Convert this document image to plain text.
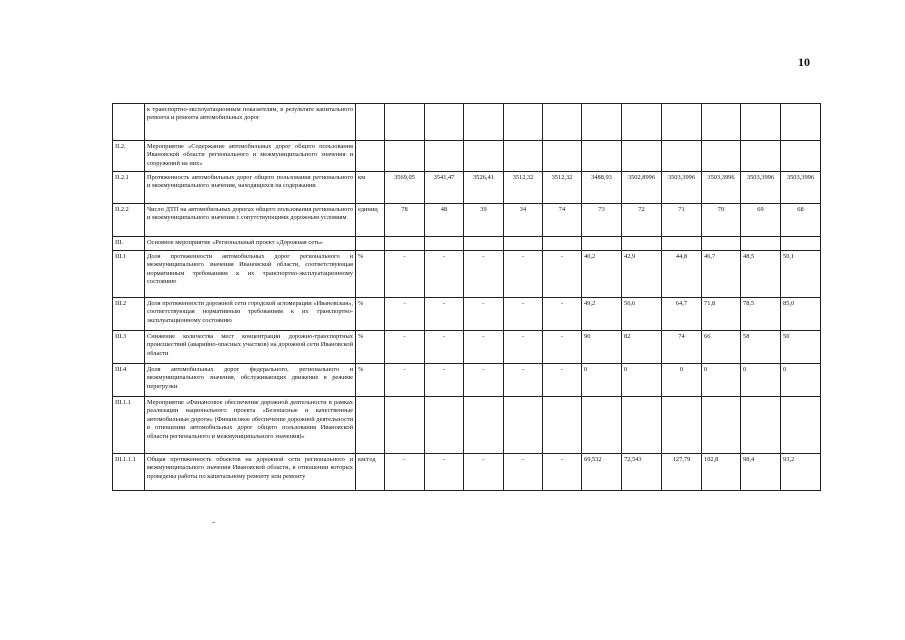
10
	к транспортно-эксплуатационным показателям, в результате капитального ремонта и ремонта автомобильных дорог												
II.2.	Мероприятие «Содержание автомобильных дорог общего пользования Ивановской области регионального и межмуниципального значения и сооружений на них»												
II.2.1	Протяженность автомобильных дорог общего пользования регионального и межмуниципального значения, находящихся на содержании	км	3569,05	3541,47	3526,41	3512,32	3512,32	3488,93	3502,8996	3503,3996	3503,3996	3503,3996	3503,3996
II.2.2	Число ДТП на автомобильных дорогах общего пользования регионального и межмуниципального значения с сопутствующими дорожным условиям	единиц	78	48	39	34	74	73	72	71	70	69	68
III.	Основное мероприятие «Региональный проект «Дорожная сеть»												
III.1	Доля протяженности автомобильных дорог регионального и межмуниципального значения Ивановской области, соответствующая нормативным требованиям к их транспортно-эксплуатационному состоянию	%	-	-	-	-	-	40,2	42,9	44,8	46,7	48,5	50,1
III.2	Доля протяженности дорожной сети городской агломерации «Ивановская», соответствующая нормативным требованиям к их транспортно-эксплуатационному состоянию	%	-	-	-	-	-	49,2	56,6	64,7	71,8	78,5	85,0
III.3	Снижение количества мест концентрации дорожно-транспортных происшествий (аварийно-опасных участков) на дорожной сети Ивановской области	%	-	-	-	-	-	90	82	74	66	58	50
III.4	Доля автомобильных дорог федерального, регионального и межмуниципального значения, обслуживающих движение в режиме перегрузки	%	-	-	-	-	-	0	0	0	0	0	0
III.1.1	Мероприятие «Финансовое обеспечение дорожной деятельности в рамках реализации национального проекта «Безопасные и качественные автомобильные дороги» (Финансовое обеспечение дорожной деятельности в отношении автомобильных дорог общего пользования Ивановской области регионального и межмуниципального значения)»												
III.1.1.1	Общая протяженность объектов на дорожной сети регионального и межмуниципального значения Ивановской области, в отношении которых проведены работы по капитальному ремонту или ремонту	км/год	-	-	-	-	-	69,532	72,543	127,79	102,8	98,4	93,2
